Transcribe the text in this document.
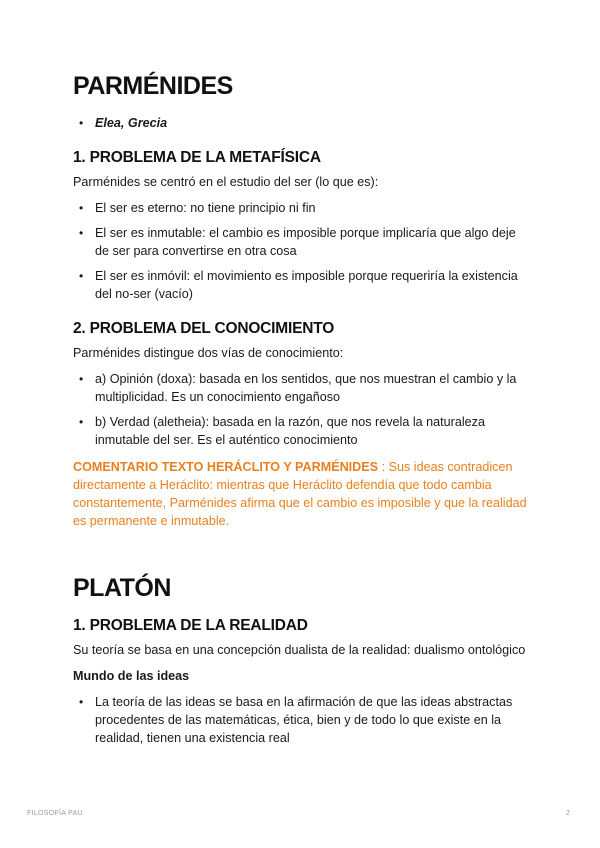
PARMÉNIDES
• Elea, Grecia
1. PROBLEMA DE LA METAFÍSICA

Parménides se centró en el estudio del ser (lo que es):

• El ser es eterno: no tiene principio ni fin
• El ser es inmutable: el cambio es imposible porque implicaría que algo deje de ser para convertirse en otra cosa
• El ser es inmóvil: el movimiento es imposible porque requeriría la existencia del no-ser (vacío)
2. PROBLEMA DEL CONOCIMIENTO

Parménides distingue dos vías de conocimiento:

• a) Opinión (doxa): basada en los sentidos, que nos muestran el cambio y la multiplicidad. Es un conocimiento engañoso
• b) Verdad (aletheia): basada en la razón, que nos revela la naturaleza inmutable del ser. Es el auténtico conocimiento

COMENTARIO TEXTO HERÁCLITO Y PARMÉNIDES : Sus ideas contradicen directamente a Heráclito: mientras que Heráclito defendía que todo cambia constantemente, Parménides afirma que el cambio es imposible y que la realidad es permanente e inmutable.

PLATÓN
1. PROBLEMA DE LA REALIDAD

Su teoría se basa en una concepción dualista de la realidad: dualismo ontológico

Mundo de las ideas

• La teoría de las ideas se basa en la afirmación de que las ideas abstractas procedentes de las matemáticas, ética, bien y de todo lo que existe en la realidad, tienen una existencia real
FILOSOFÍA PAU	2
